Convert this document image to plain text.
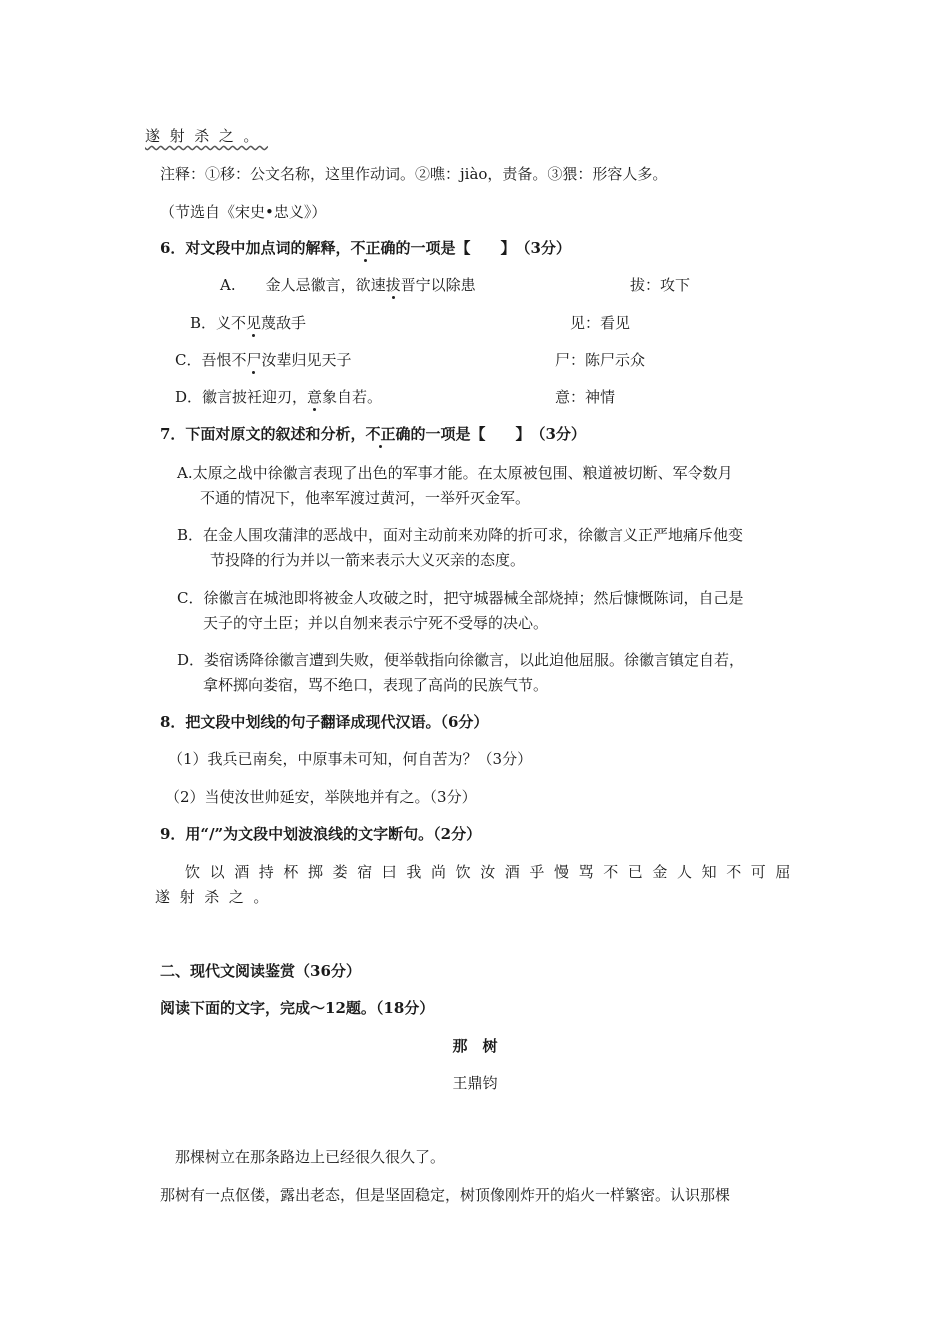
遂射杀之。
注释：①移：公文名称，这里作动词。②噍：jiào，责备。③猥：形容人多。
（节选自《宋史•忠义》）
6．对文段中加点词的解释，不正确的一项是【　　】　（3分）
A.　　金人忌徽言，欲速拔晋宁以除患	拔：攻下
B．义不见蔑敌手	见：看见
C．吾恨不尸汝辈归见天子	尸：陈尸示众
D．徽言披衽迎刃，意象自若。	意：神情
7．下面对原文的叙述和分析，不正确的一项是【　　】　（3分）
A.太原之战中徐徽言表现了出色的军事才能。在太原被包围、粮道被切断、军令数月
不通的情况下，他率军渡过黄河，一举歼灭金军。
B．在金人围攻蒲津的恶战中，面对主动前来劝降的折可求，徐徽言义正严地痛斥他变
节投降的行为并以一箭来表示大义灭亲的态度。
C．徐徽言在城池即将被金人攻破之时，把守城器械全部烧掉；然后慷慨陈词，自己是
天子的守土臣；并以自刎来表示宁死不受辱的决心。
D．娄宿诱降徐徽言遭到失败，便举戟指向徐徽言，以此迫他屈服。徐徽言镇定自若，
拿杯掷向娄宿，骂不绝口，表现了高尚的民族气节。
8．把文段中划线的句子翻译成现代汉语。（6分）
（1）我兵已南矣，中原事未可知，何自苦为？（3分）
（2）当使汝世帅延安，举陕地并有之。（3分）
9．用“/”为文段中划波浪线的文字断句。（2分）
饮以酒持杯掷娄宿曰我尚饮汝酒乎慢骂不已金人知不可屈
遂射杀之。
二、现代文阅读鉴赏（36分）
阅读下面的文字，完成～12题。（18分）
那　树
王鼎钧
那棵树立在那条路边上已经很久很久了。
那树有一点伛偻，露出老态，但是坚固稳定，树顶像刚炸开的焰火一样繁密。认识那棵
